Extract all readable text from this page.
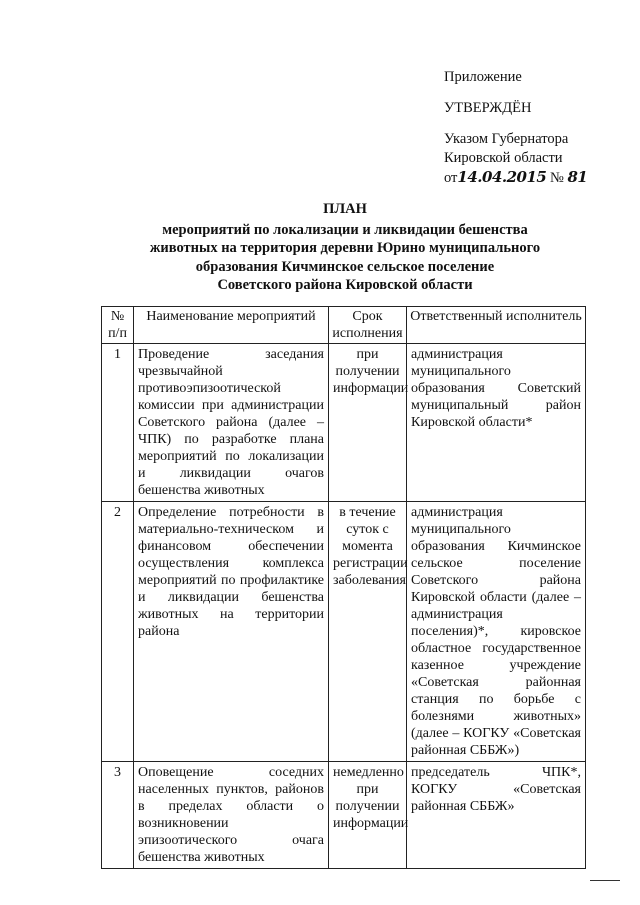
Приложение
УТВЕРЖДЁН
Указом Губернатора
Кировской области
от14.04.2015 № 81
ПЛАН
мероприятий по локализации и ликвидации бешенства
животных на территория деревни Юрино муниципального
образования Кичминское сельское поселение
Советского района Кировской области
№ п/п	Наименование мероприятий	Срок исполнения	Ответственный исполнитель
1	Проведение заседания чрезвычайной противоэпизоотической комиссии при администрации Советского района (далее – ЧПК) по разработке плана мероприятий по локализации и ликвидации очагов бешенства животных	при получении информации	администрация муниципального образования Советский муниципальный район Кировской области*
2	Определение потребности в материально-техническом и финансовом обеспечении осуществления комплекса мероприятий по профилактике и ликвидации бешенства животных на территории района	в течение суток с момента регистрации заболевания	администрация муниципального образования Кичминское сельское поселение Советского района Кировской области (далее – администрация поселения)*, кировское областное государственное казенное учреждение «Советская районная станция по борьбе с болезнями животных» (далее – КОГКУ «Советская районная СББЖ»)
3	Оповещение соседних населенных пунктов, районов в пределах области о возникновении эпизоотического очага бешенства животных	немедленно при получении информации	председатель ЧПК*, КОГКУ «Советская районная СББЖ»
